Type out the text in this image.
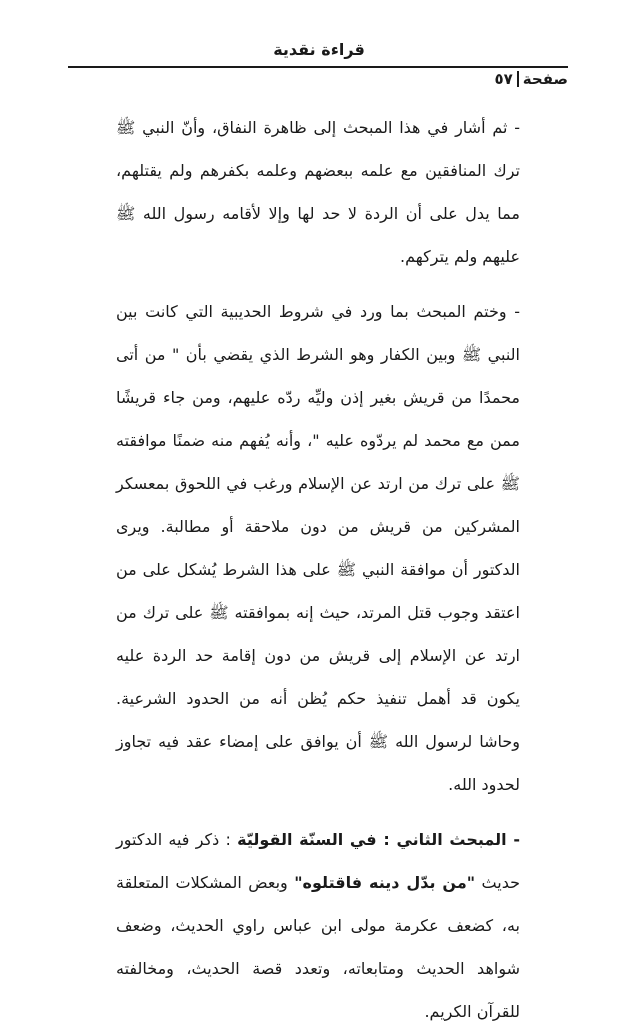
قراءة نقدية
صفحة
٥٧

- ثم أشار في هذا المبحث إلى ظاهرة النفاق، وأنّ النبي ﷺ ترك المنافقين مع علمه ببعضهم وعلمه بكفرهم ولم يقتلهم، مما يدل على أن الردة لا حد لها وإلا لأقامه رسول الله ﷺ عليهم ولم يتركهم.

- وختم المبحث بما ورد في شروط الحديبية التي كانت بين النبي ﷺ وبين الكفار وهو الشرط الذي يقضي بأن " من أتى محمدًا من قريش بغير إذن وليِّه ردّه عليهم، ومن جاء قريشًا ممن مع محمد لم يردّوه عليه "، وأنه يُفهم منه ضمنًا موافقته ﷺ على ترك من ارتد عن الإسلام ورغب في اللحوق بمعسكر المشركين من قريش من دون ملاحقة أو مطالبة. ويرى الدكتور أن موافقة النبي ﷺ على هذا الشرط يُشكل على من اعتقد وجوب قتل المرتد، حيث إنه بموافقته ﷺ على ترك من ارتد عن الإسلام إلى قريش من دون إقامة حد الردة عليه يكون قد أهمل تنفيذ حكم يُظن أنه من الحدود الشرعية. وحاشا لرسول الله ﷺ أن يوافق على إمضاء عقد فيه تجاوز لحدود الله.

- المبحث الثاني : في السنّة القوليّة : ذكر فيه الدكتور حديث "من بدّل دينه فاقتلوه" وبعض المشكلات المتعلقة به، كضعف عكرمة مولى ابن عباس راوي الحديث، وضعف شواهد الحديث ومتابعاته، وتعدد قصة الحديث، ومخالفته للقرآن الكريم.
